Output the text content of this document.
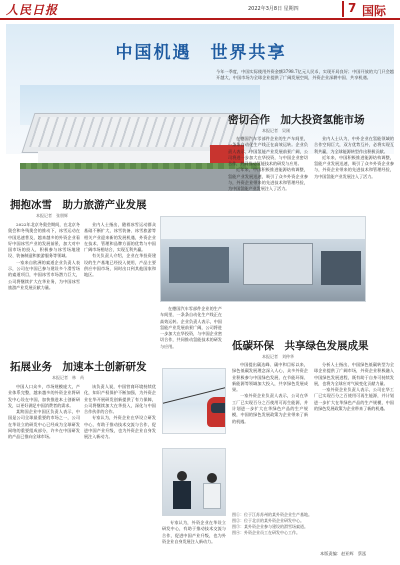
人民日报	2022年3月8日 星期四	7 国际
中国机遇　世界共享
今年一季度，中国实际使用外资金额3798.7亿元人民币，实现开局良好；中国开放的大门只会越开越大，中国市场为全球企业提供了广阔发展空间，外资企业深耕中国、共享机遇。
密切合作　加大投资氢能市场
本报记者　吴刚

在德国汽车零部件企业的生产车间里，一条条自动化生产线正在高效运转。企业负责人表示，中国氢能产业发展前景广阔，公司将进一步加大在华投资，与中国企业密切合作，共同推动氢能技术的研发与应用。

近年来，中国积极推进能源结构调整，氢能产业发展迅速，吸引了众多外资企业参与，外资企业带来的先进技术和管理经验，为中国氢能产业发展注入了活力。

业内人士认为，中外企业在氢能领域的合作空间巨大，双方优势互补，必将实现互利共赢，为全球能源转型作出积极贡献。

近年来，中国积极推进能源结构调整，氢能产业发展迅速，吸引了众多外资企业参与，外资企业带来的先进技术和管理经验，为中国氢能产业发展注入了活力。

拥抱冰雪　助力旅游产业发展
本报记者　张朋辉

2022年北京冬奥会期间，在北京冬奥会和冬残奥会的推动下，冰雪运动在中国迅速普及，越来越多的外资企业看好中国冰雪产业的发展前景，加大对中国市场的投入，积极参与冰雪场地建设、装备制造和旅游服务等领域。

一家来自欧洲的索道企业负责人表示，公司在中国已参与建设多个滑雪场的索道项目，中国冰雪市场潜力巨大，公司将继续扩大在华业务，为中国冰雪旅游产业发展贡献力量。

业内人士指出，随着冰雪运动群众基础不断扩大，冰雪装备、冰雪旅游等相关产业迎来新的发展机遇，外资企业在技术、管理和品牌方面的优势与中国广阔市场相结合，实现互利共赢。

有关负责人介绍，企业在华投资建设的生产基地已经投入使用，产品主要供应中国市场，同时出口到其他国家和地区。

在德国汽车零部件企业的生产车间里，一条条自动化生产线正在高效运转。企业负责人表示，中国氢能产业发展前景广阔，公司将进一步加大在华投资，与中国企业密切合作，共同推动氢能技术的研发与应用。	低碳环保　共享绿色发展成果
本报记者　刘仲华

中国提出碳达峰、碳中和目标以来，绿色低碳发展理念深入人心，众多外资企业积极参与中国绿色发展，在节能环保、新能源等领域加大投入，共享绿色发展成果。

一家外资企业负责人表示，公司在华工厂已实现百分之百使用可再生能源，并计划进一步扩大在华绿色产品的生产规模，中国的绿色发展政策为企业带来了新的机遇。

分析人士指出，中国绿色低碳转型为全球企业提供了广阔市场，外资企业积极融入中国绿色发展进程，既有助于自身可持续发展，也将为全球应对气候变化贡献力量。

一家外资企业负责人表示，公司在华工厂已实现百分之百使用可再生能源，并计划进一步扩大在华绿色产品的生产规模，中国的绿色发展政策为企业带来了新的机遇。

拓展业务　加速本土创新研发
本报记者　林　芮

中国人口众多，市场规模庞大，产业体系完整，越来越多的外资企业将研发中心设在中国，加快推进本土创新研发，以更好满足中国消费者的需求。

某跨国企业中国区负责人表示，中国是公司全球最重要的市场之一，公司在华设立的研发中心已经成为全球研发网络的重要组成部分，许多在中国研发的产品已推向全球市场。

该负责人说，中国营商环境持续优化，知识产权保护不断加强，为外资企业在华开展研发创新提供了有力保障，公司将继续加大在华投入，深化与中国合作伙伴的合作。

专家认为，外资企业在华设立研发中心，有助于推动技术交流与合作，促进中国产业升级，也为外资企业自身发展注入新动力。

专家认为，外资企业在华设立研发中心，有助于推动技术交流与合作，促进中国产业升级，也为外资企业自身发展注入新动力。

图①：位于江苏苏州的某外资企业生产基地。
图②：位于北京的某外资企业研发中心。
图③：某外资企业参与建设的滑雪场索道。
图④：外资企业员工在研发中心工作。
本版责编：赵亚辉　蔡泓
